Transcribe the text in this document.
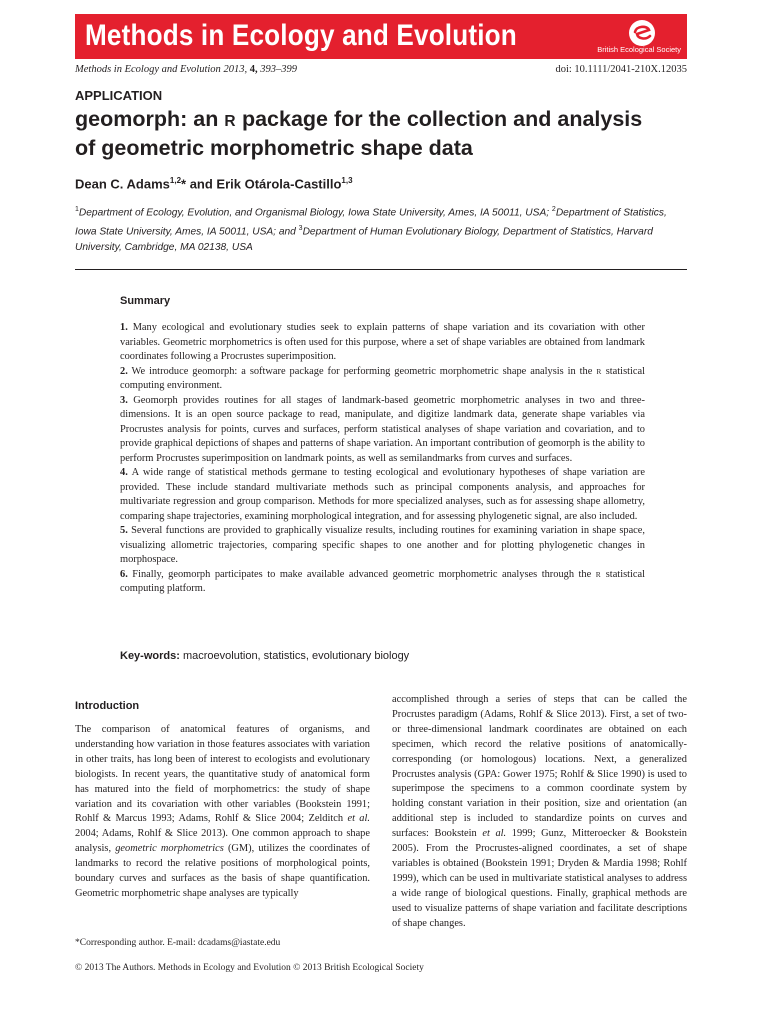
Methods in Ecology and Evolution	British Ecological Society
Methods in Ecology and Evolution 2013, 4, 393–399	doi: 10.1111/2041-210X.12035
APPLICATION
geomorph: an R package for the collection and analysis
of geometric morphometric shape data
Dean C. Adams$^{1,2}$* and Erik Otárola-Castillo$^{1,3}$
$^1$Department of Ecology, Evolution, and Organismal Biology, Iowa State University, Ames, IA 50011, USA; $^2$Department of Statistics, Iowa State University, Ames, IA 50011, USA; and $^3$Department of Human Evolutionary Biology, Department of Statistics, Harvard University, Cambridge, MA 02138, USA
Summary

1. Many ecological and evolutionary studies seek to explain patterns of shape variation and its covariation with other variables. Geometric morphometrics is often used for this purpose, where a set of shape variables are obtained from landmark coordinates following a Procrustes superimposition.

2. We introduce geomorph: a software package for performing geometric morphometric shape analysis in the R statistical computing environment.

3. Geomorph provides routines for all stages of landmark-based geometric morphometric analyses in two and three-dimensions. It is an open source package to read, manipulate, and digitize landmark data, generate shape variables via Procrustes analysis for points, curves and surfaces, perform statistical analyses of shape variation and covariation, and to provide graphical depictions of shapes and patterns of shape variation. An important contribution of geomorph is the ability to perform Procrustes superimposition on landmark points, as well as semilandmarks from curves and surfaces.

4. A wide range of statistical methods germane to testing ecological and evolutionary hypotheses of shape variation are provided. These include standard multivariate methods such as principal components analysis, and approaches for multivariate regression and group comparison. Methods for more specialized analyses, such as for assessing shape allometry, comparing shape trajectories, examining morphological integration, and for assessing phylogenetic signal, are also included.

5. Several functions are provided to graphically visualize results, including routines for examining variation in shape space, visualizing allometric trajectories, comparing specific shapes to one another and for plotting phylogenetic changes in morphospace.

6. Finally, geomorph participates to make available advanced geometric morphometric analyses through the R statistical computing platform.

Key-words: macroevolution, statistics, evolutionary biology
Introduction

The comparison of anatomical features of organisms, and understanding how variation in those features associates with variation in other traits, has long been of interest to ecologists and evolutionary biologists. In recent years, the quantitative study of anatomical form has matured into the field of morphometrics: the study of shape variation and its covariation with other variables (Bookstein 1991; Rohlf & Marcus 1993; Adams, Rohlf & Slice 2004; Zelditch et al. 2004; Adams, Rohlf & Slice 2013). One common approach to shape analysis, geometric morphometrics (GM), utilizes the coordinates of landmarks to record the relative positions of morphological points, boundary curves and surfaces as the basis of shape quantification. Geometric morphometric shape analyses are typically

accomplished through a series of steps that can be called the Procrustes paradigm (Adams, Rohlf & Slice 2013). First, a set of two- or three-dimensional landmark coordinates are obtained on each specimen, which record the relative positions of anatomically-corresponding (or homologous) locations. Next, a generalized Procrustes analysis (GPA: Gower 1975; Rohlf & Slice 1990) is used to superimpose the specimens to a common coordinate system by holding constant variation in their position, size and orientation (an additional step is included to standardize points on curves and surfaces: Bookstein et al. 1999; Gunz, Mitteroecker & Bookstein 2005). From the Procrustes-aligned coordinates, a set of shape variables is obtained (Bookstein 1991; Dryden & Mardia 1998; Rohlf 1999), which can be used in multivariate statistical analyses to address a wide range of biological questions. Finally, graphical methods are used to visualize patterns of shape variation and facilitate descriptions of shape changes.

*Corresponding author. E-mail: dcadams@iastate.edu
© 2013 The Authors. Methods in Ecology and Evolution © 2013 British Ecological Society
